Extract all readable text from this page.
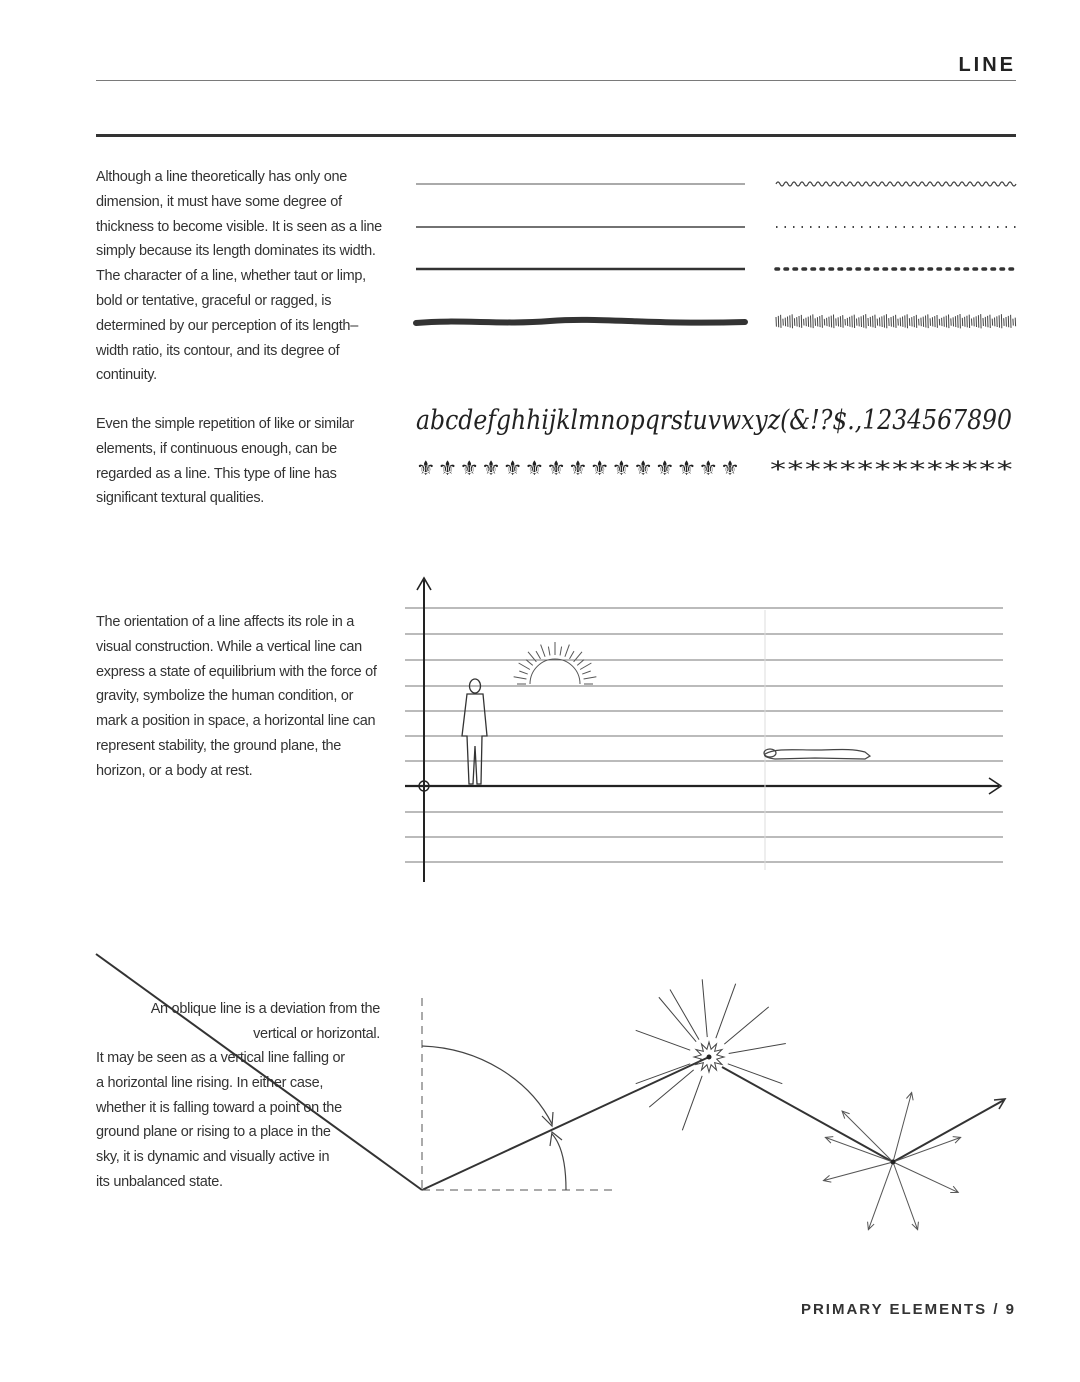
LINE

Although a line theoretically has only one dimension, it must have some degree of thickness to become visible. It is seen as a line simply because its length dominates its width. The character of a line, whether taut or limp, bold or tentative, graceful or ragged, is determined by our perception of its length–width ratio, its contour, and its degree of continuity.

Even the simple repetition of like or similar elements, if continuous enough, can be regarded as a line. This type of line has significant textural qualities.

The orientation of a line affects its role in a visual construction. While a vertical line can express a state of equilibrium with the force of gravity, symbolize the human condition, or mark a position in space, a horizontal line can represent stability, the ground plane, the horizon, or a body at rest.

An oblique line is a deviation from the vertical or horizontal.

It may be seen as a vertical line falling or a horizontal line rising. In either case, whether it is falling toward a point on the ground plane or rising to a place in the sky, it is dynamic and visually active in its unbalanced state.

abcdefghhijklmnopqrstuvwxyz(&!?$.,1234567890
⚜⚜⚜⚜⚜⚜⚜⚜⚜⚜⚜⚜⚜⚜⚜ **************
PRIMARY ELEMENTS / 9
